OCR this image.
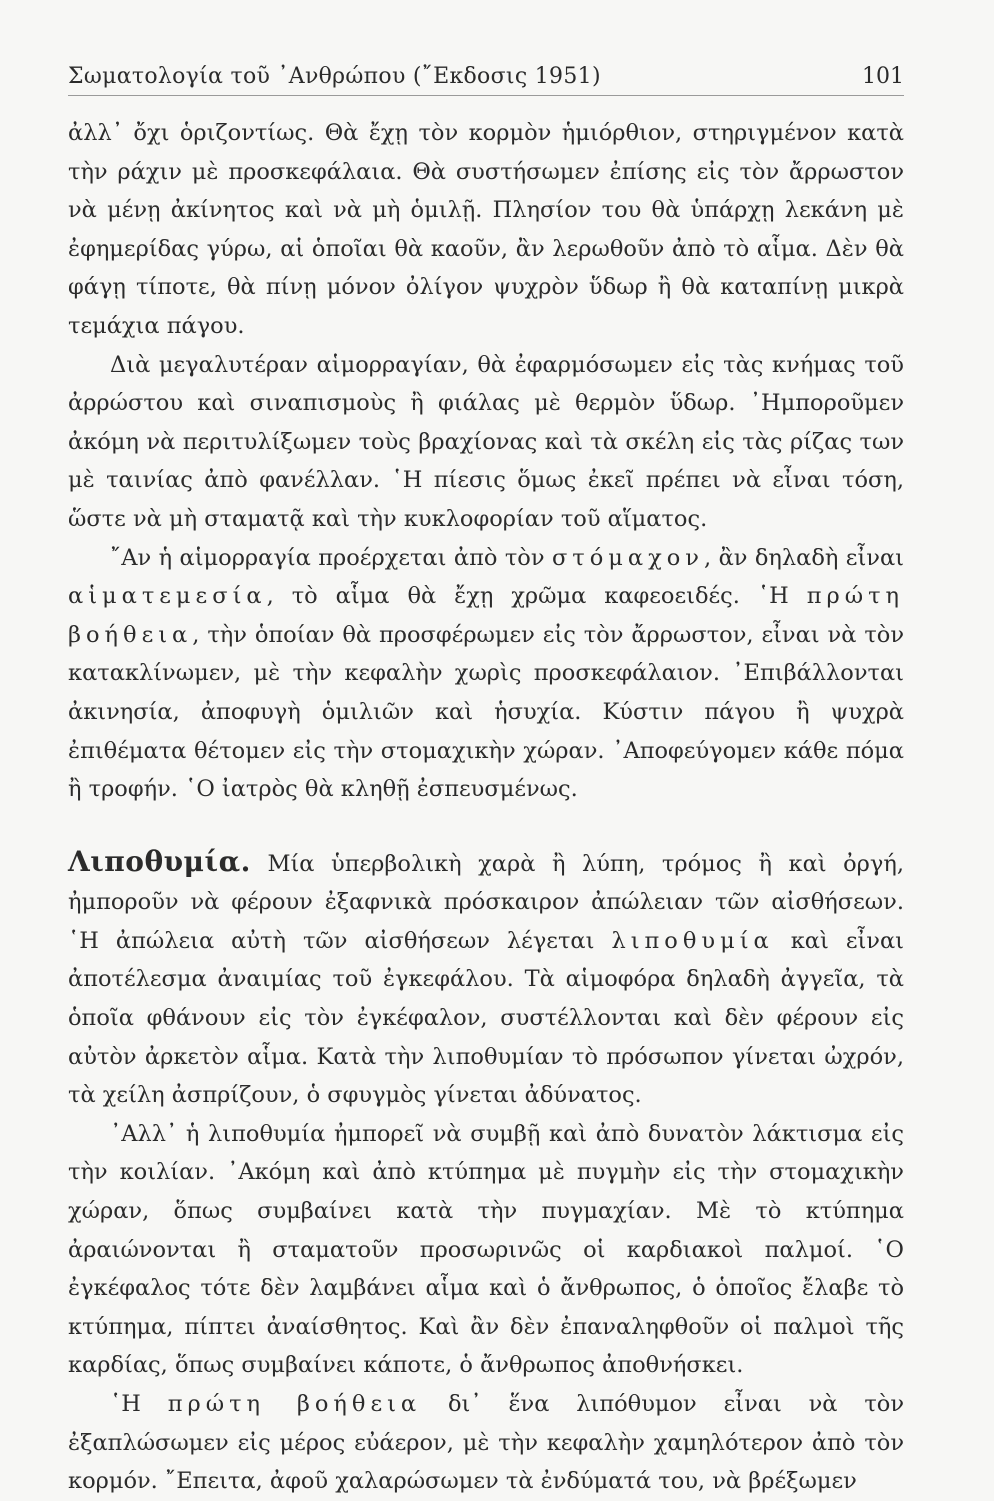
Σωματολογία τοῦ ᾿Ανθρώπου (῎Εκδοσις 1951)	101

ἀλλ᾿ ὄχι ὁριζοντίως. Θὰ ἔχῃ τὸν κορμὸν ἡμιόρθιον, στηριγμένον κατὰ τὴν ράχιν μὲ προσκεφάλαια. Θὰ συστήσωμεν ἐπίσης εἰς τὸν ἄρρωστον νὰ μένῃ ἀκίνητος καὶ νὰ μὴ ὁμιλῇ. Πλησίον του θὰ ὑπάρχῃ λεκάνη μὲ ἐφημερίδας γύρω, αἱ ὁποῖαι θὰ καοῦν, ἂν λερωθοῦν ἀπὸ τὸ αἷμα. Δὲν θὰ φάγῃ τίποτε, θὰ πίνῃ μόνον ὀλίγον ψυχρὸν ὕδωρ ἢ θὰ καταπίνῃ μικρὰ τεμάχια πάγου.

Διὰ μεγαλυτέραν αἱμορραγίαν, θὰ ἐφαρμόσωμεν εἰς τὰς κνήμας τοῦ ἀρρώστου καὶ σιναπισμοὺς ἢ φιάλας μὲ θερμὸν ὕδωρ. ᾿Ημποροῦμεν ἀκόμη νὰ περιτυλίξωμεν τοὺς βραχίονας καὶ τὰ σκέλη εἰς τὰς ρίζας των μὲ ταινίας ἀπὸ φανέλλαν. ῾Η πίεσις ὅμως ἐκεῖ πρέπει νὰ εἶναι τόση, ὥστε νὰ μὴ σταματᾷ καὶ τὴν κυκλοφορίαν τοῦ αἵματος.

῎Αν ἡ αἱμορραγία προέρχεται ἀπὸ τὸν στόμαχον, ἂν δηλαδὴ εἶναι αἱματεμεσία, τὸ αἷμα θὰ ἔχῃ χρῶμα καφεοειδές. ῾Η πρώτη βοήθεια, τὴν ὁποίαν θὰ προσφέρωμεν εἰς τὸν ἄρρωστον, εἶναι νὰ τὸν κατακλίνωμεν, μὲ τὴν κεφαλὴν χωρὶς προσκεφάλαιον. ᾿Επιβάλλονται ἀκινησία, ἀποφυγὴ ὁμιλιῶν καὶ ἡσυχία. Κύστιν πάγου ἢ ψυχρὰ ἐπιθέματα θέτομεν εἰς τὴν στομαχικὴν χώραν. ᾿Αποφεύγομεν κάθε πόμα ἢ τροφήν. ῾Ο ἰατρὸς θὰ κληθῇ ἐσπευσμένως.

Λιποθυμία. Μία ὑπερβολικὴ χαρὰ ἢ λύπη, τρόμος ἢ καὶ ὀργή, ἠμποροῦν νὰ φέρουν ἐξαφνικὰ πρόσκαιρον ἀπώλειαν τῶν αἰσθήσεων. ῾Η ἀπώλεια αὐτὴ τῶν αἰσθήσεων λέγεται λιποθυμία καὶ εἶναι ἀποτέλεσμα ἀναιμίας τοῦ ἐγκεφάλου. Τὰ αἱμοφόρα δηλαδὴ ἀγγεῖα, τὰ ὁποῖα φθάνουν εἰς τὸν ἐγκέφαλον, συστέλλονται καὶ δὲν φέρουν εἰς αὐτὸν ἀρκετὸν αἷμα. Κατὰ τὴν λιποθυμίαν τὸ πρόσωπον γίνεται ὠχρόν, τὰ χείλη ἀσπρίζουν, ὁ σφυγμὸς γίνεται ἀδύνατος.

᾿Αλλ᾿ ἡ λιποθυμία ἠμπορεῖ νὰ συμβῇ καὶ ἀπὸ δυνατὸν λάκτισμα εἰς τὴν κοιλίαν. ᾿Ακόμη καὶ ἀπὸ κτύπημα μὲ πυγμὴν εἰς τὴν στομαχικὴν χώραν, ὅπως συμβαίνει κατὰ τὴν πυγμαχίαν. Μὲ τὸ κτύπημα ἀραιώνονται ἢ σταματοῦν προσωρινῶς οἱ καρδιακοὶ παλμοί. ῾Ο ἐγκέφαλος τότε δὲν λαμβάνει αἷμα καὶ ὁ ἄνθρωπος, ὁ ὁποῖος ἔλαβε τὸ κτύπημα, πίπτει ἀναίσθητος. Καὶ ἂν δὲν ἐπαναληφθοῦν οἱ παλμοὶ τῆς καρδίας, ὅπως συμβαίνει κάποτε, ὁ ἄνθρωπος ἀποθνήσκει.

῾Η πρώτη βοήθεια δι᾿ ἕνα λιπόθυμον εἶναι νὰ τὸν ἐξαπλώσωμεν εἰς μέρος εὐάερον, μὲ τὴν κεφαλὴν χαμηλότερον ἀπὸ τὸν κορμόν. ῎Επειτα, ἀφοῦ χαλαρώσωμεν τὰ ἐνδύματά του, νὰ βρέξωμεν
